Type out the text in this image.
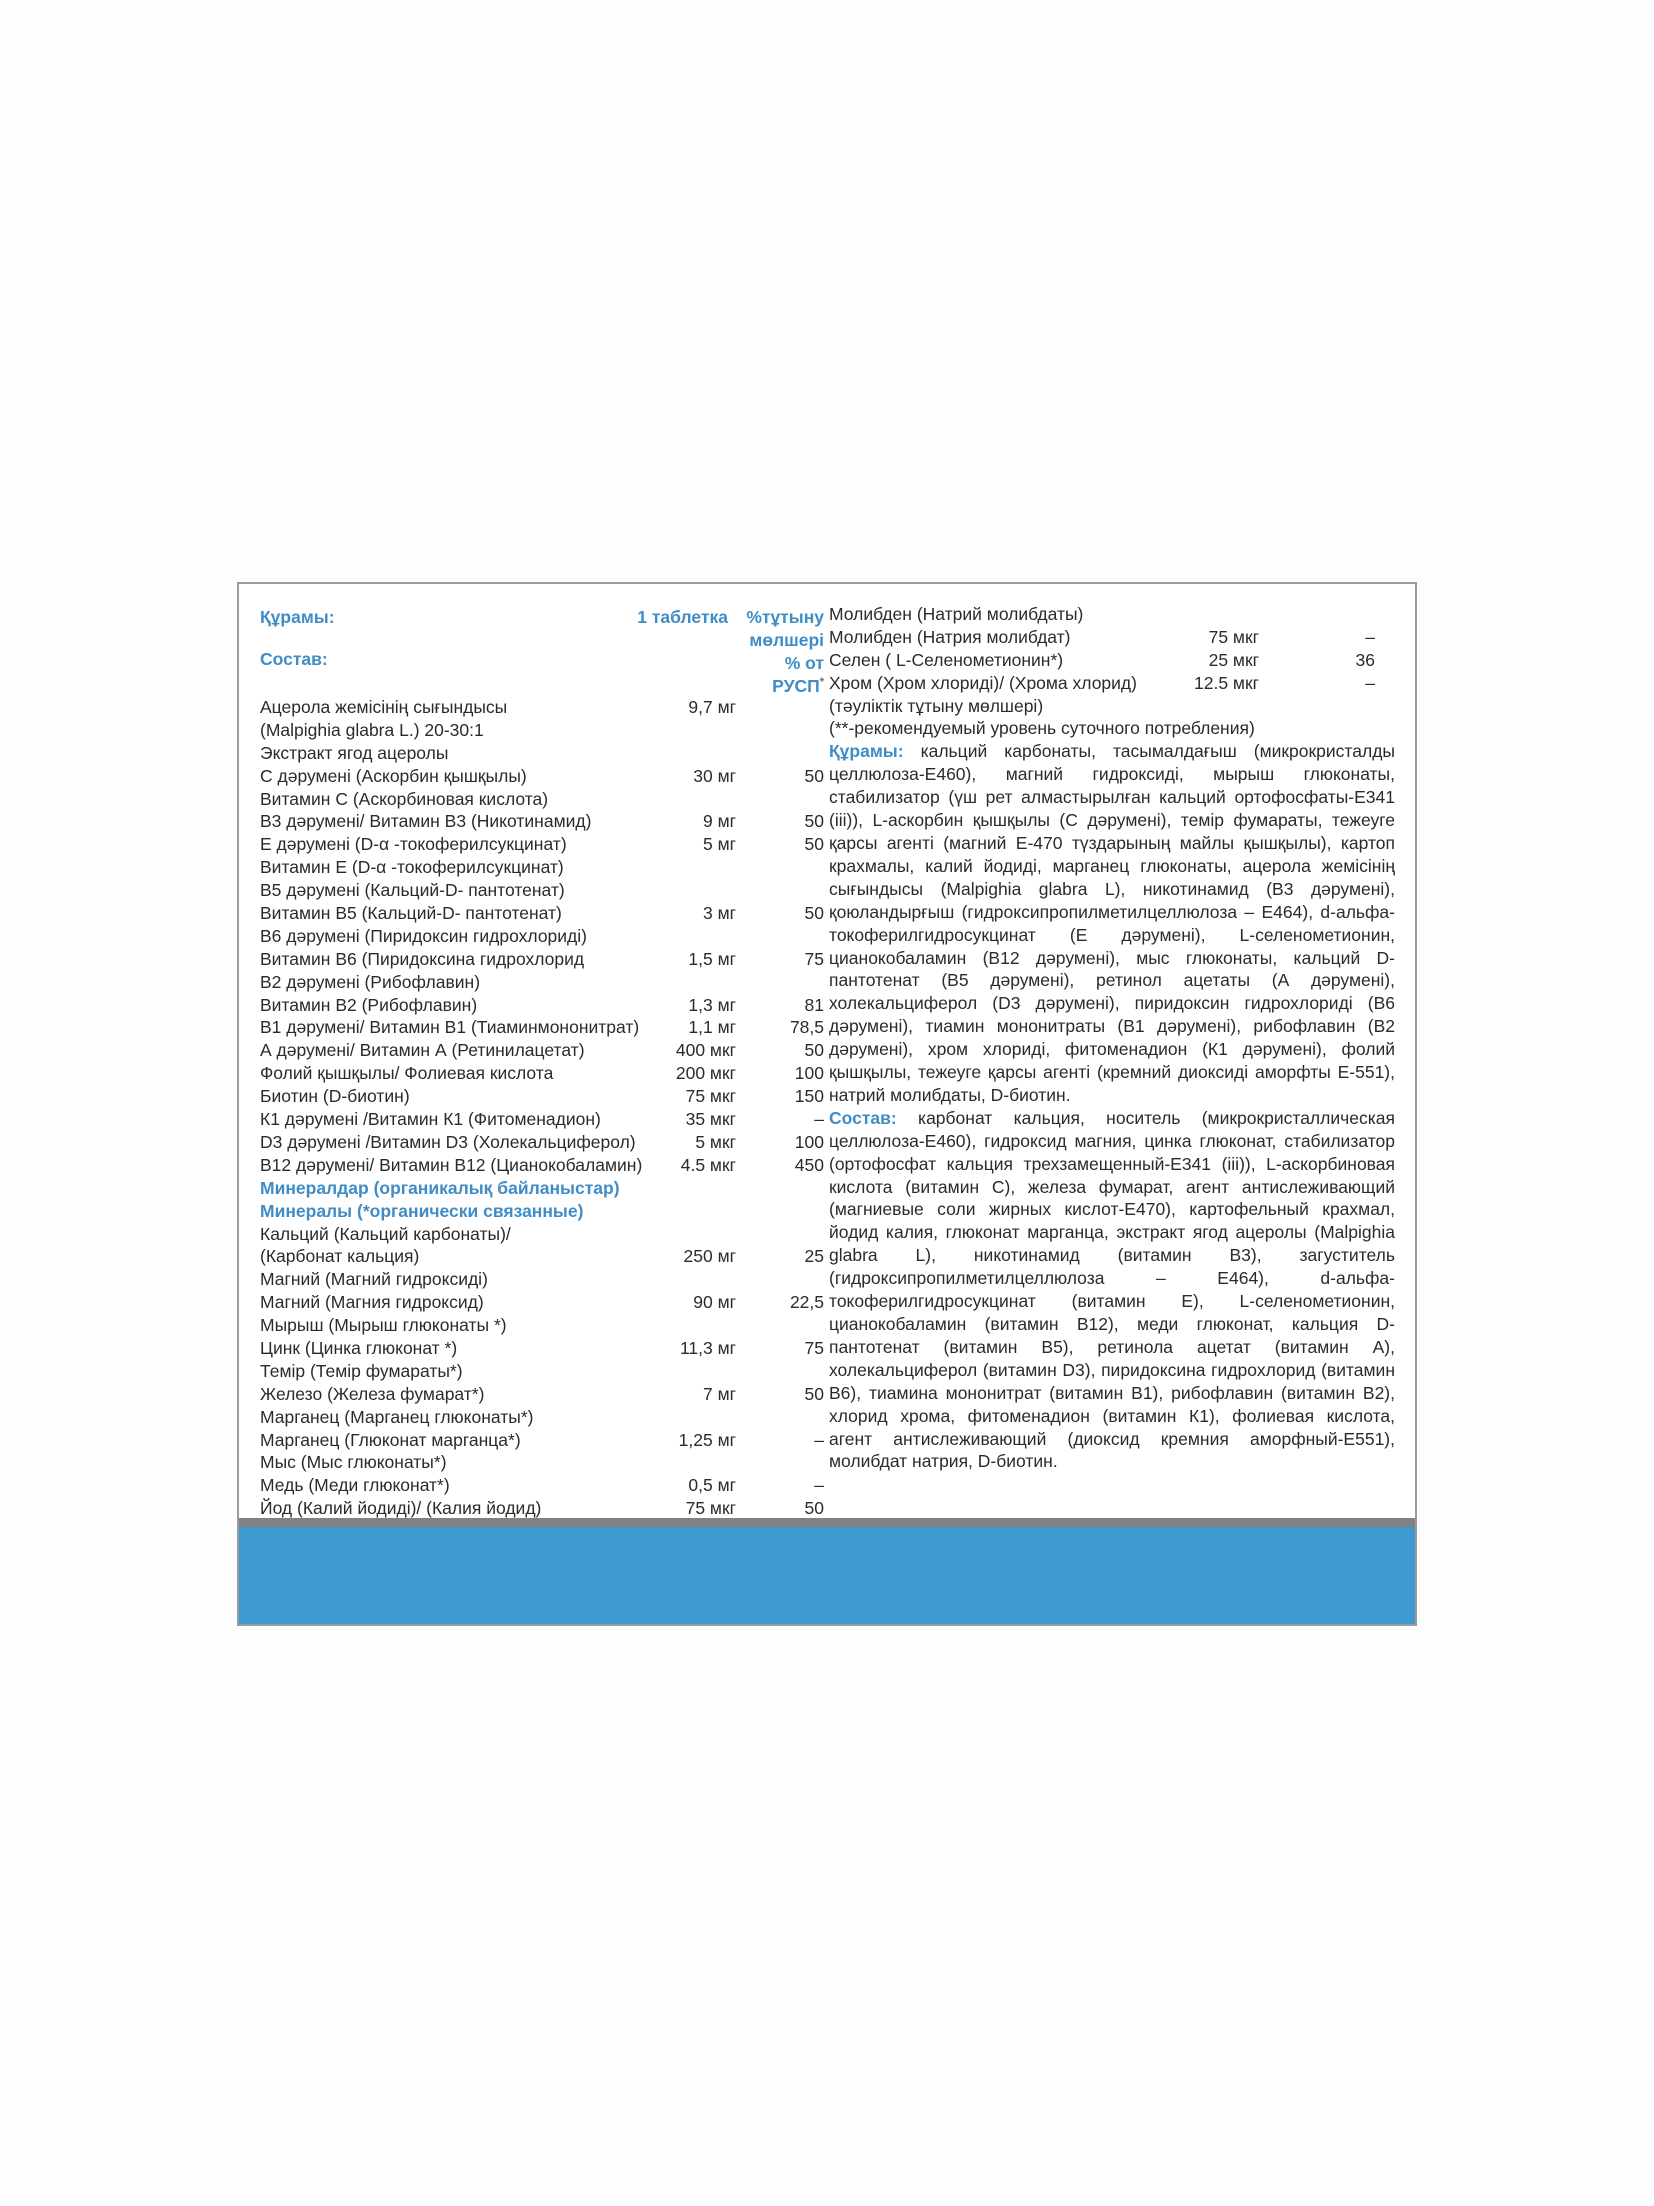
Құрамы:
Состав:
1 таблетка	%тұтыну мөлшері % от РУСП*
Ацерола жемісінің сығындысы	9,7 мг
(Malpighia glabra L.) 20-30:1
Экстракт ягод ацеролы
С дәрумені (Аскорбин қышқылы)	30 мг	50
Витамин С (Аскорбиновая кислота)
В3 дәрумені/ Витамин В3 (Никотинамид)	9 мг	50
Е дәрумені (D-α -токоферилсукцинат)	5 мг	50
Витамин Е (D-α -токоферилсукцинат)
В5 дәрумені (Кальций-D- пантотенат)
Витамин В5 (Кальций-D- пантотенат)	3 мг	50
В6 дәрумені (Пиридоксин гидрохлориді)
Витамин В6 (Пиридоксина гидрохлорид	1,5 мг	75
В2 дәрумені (Рибофлавин)
Витамин В2 (Рибофлавин)	1,3 мг	81
В1 дәрумені/ Витамин В1 (Тиаминмононитрат)	1,1 мг	78,5
А дәрумені/ Витамин А (Ретинилацетат)	400 мкг	50
Фолий қышқылы/ Фолиевая кислота	200 мкг	100
Биотин (D-биотин)	75 мкг	150
К1 дәрумені /Витамин К1 (Фитоменадион)	35 мкг	–
D3 дәрумені /Витамин D3 (Холекальциферол)	5 мкг	100
В12 дәрумені/ Витамин В12 (Цианокобаламин) 4.5 мкг	450
Минералдар (органикалық байланыстар)
Минералы (*органически связанные)
Кальций (Кальций карбонаты)/
(Карбонат кальция)	250 мг	25
Магний (Магний гидроксиді)
Магний (Магния гидроксид)	90 мг	22,5
Мырыш (Мырыш глюконаты *)
Цинк (Цинка глюконат *)	11,3 мг	75
Темір (Темір фумараты*)
Железо (Железа фумарат*)	7 мг	50
Марганец (Марганец глюконаты*)
Марганец (Глюконат марганца*)	1,25 мг	–
Мыс (Мыс глюконаты*)
Медь (Меди глюконат*)	0,5 мг	–
Йод (Калий йодиді)/ (Калия йодид)	75 мкг	50
Молибден (Натрий молибдаты)
Молибден (Натрия молибдат)	75 мкг	–
Селен ( L-Селенометионин*)	25 мкг	36
Хром (Хром хлориді)/ (Хрома хлорид)	12.5 мкг	–
(тәуліктік тұтыну мөлшері)
(**-рекомендуемый уровень суточного потребления)

Құрамы: кальций карбонаты, тасымалдағыш (микрокристалды целлюлоза-Е460), магний гидроксиді, мырыш глюконаты, стабилизатор (үш рет алмастырылған кальций ортофосфаты-Е341 (iii)), L-аскорбин қышқылы (С дәрумені), темір фумараты, тежеуге қарсы агенті (магний Е-470 түздарының майлы қышқылы), картоп крахмалы, калий йодиді, марганец глюконаты, ацерола жемісінің сығындысы (Malpighia glabra L), никотинамид (В3 дәрумені), қоюландырғыш (гидроксипропилметилцеллюлоза – Е464), d-альфа-токоферилгидросукцинат (Е дәрумені), L-селенометионин, цианокобаламин (В12 дәрумені), мыс глюконаты, кальций D-пантотенат (В5 дәрумені), ретинол ацетаты (А дәрумені), холекальциферол (D3 дәрумені), пиридоксин гидрохлориді (В6 дәрумені), тиамин мононитраты (В1 дәрумені), рибофлавин (В2 дәрумені), хром хлориді, фитоменадион (К1 дәрумені), фолий қышқылы, тежеуге қарсы агенті (кремний диоксиді аморфты Е-551), натрий молибдаты, D-биотин.

Состав: карбонат кальция, носитель (микрокристаллическая целлюлоза-Е460), гидроксид магния, цинка глюконат, стабилизатор (ортофосфат кальция трехзамещенный-Е341 (iii)), L-аскорбиновая кислота (витамин С), железа фумарат, агент антислеживающий (магниевые соли жирных кислот-Е470), картофельный крахмал, йодид калия, глюконат марганца, экстракт ягод ацеролы (Malpighia glabra L), никотинамид (витамин В3), загуститель (гидроксипропилметилцеллюлоза – Е464), d-альфа-токоферилгидросукцинат (витамин Е), L-селенометионин, цианокобаламин (витамин В12), меди глюконат, кальция D-пантотенат (витамин В5), ретинола ацетат (витамин А), холекальциферол (витамин D3), пиридоксина гидрохлорид (витамин В6), тиамина мононитрат (витамин В1), рибофлавин (витамин В2), хлорид хрома, фитоменадион (витамин К1), фолиевая кислота, агент антислеживающий (диоксид кремния аморфный-Е551), молибдат натрия, D-биотин.
